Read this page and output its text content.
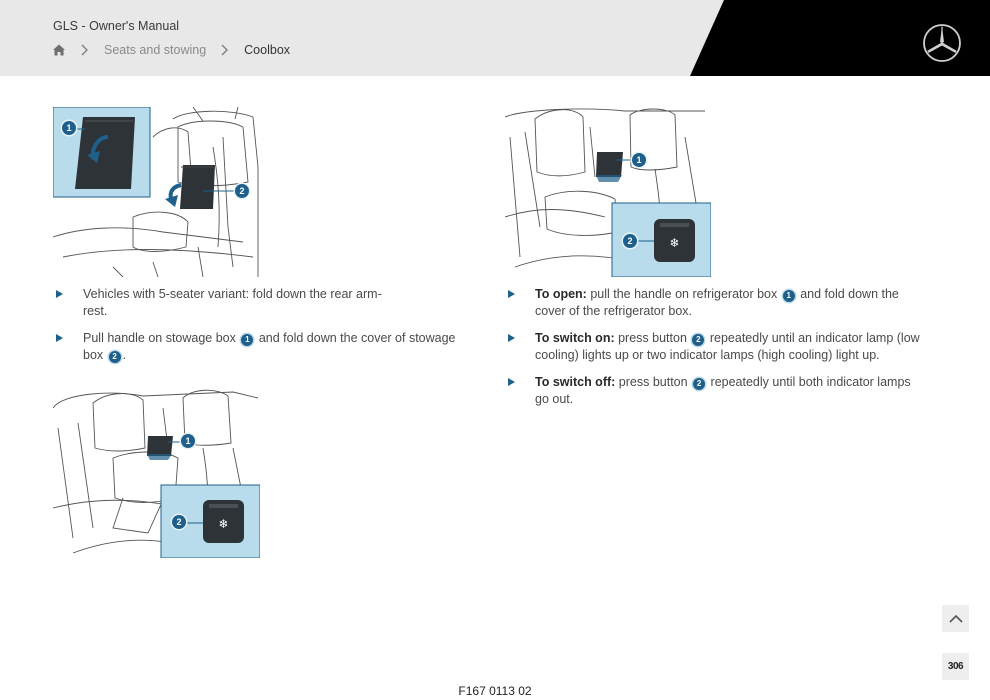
GLS - Owner's Manual
Seats and stowing	Coolbox
1
2
Vehicles with 5-seater variant: fold down the rear arm-rest.
Pull handle on stowage box 1 and fold down the cover of stowage box 2 .
❄
1
2
❄
1
2
To open: pull the handle on refrigerator box 1 and fold down the cover of the refrigerator box.
To switch on: press button 2 repeatedly until an indicator lamp (low cooling) lights up or two indicator lamps (high cooling) light up.
To switch off: press button 2 repeatedly until both indicator lamps go out.
F167 0113 02
306
